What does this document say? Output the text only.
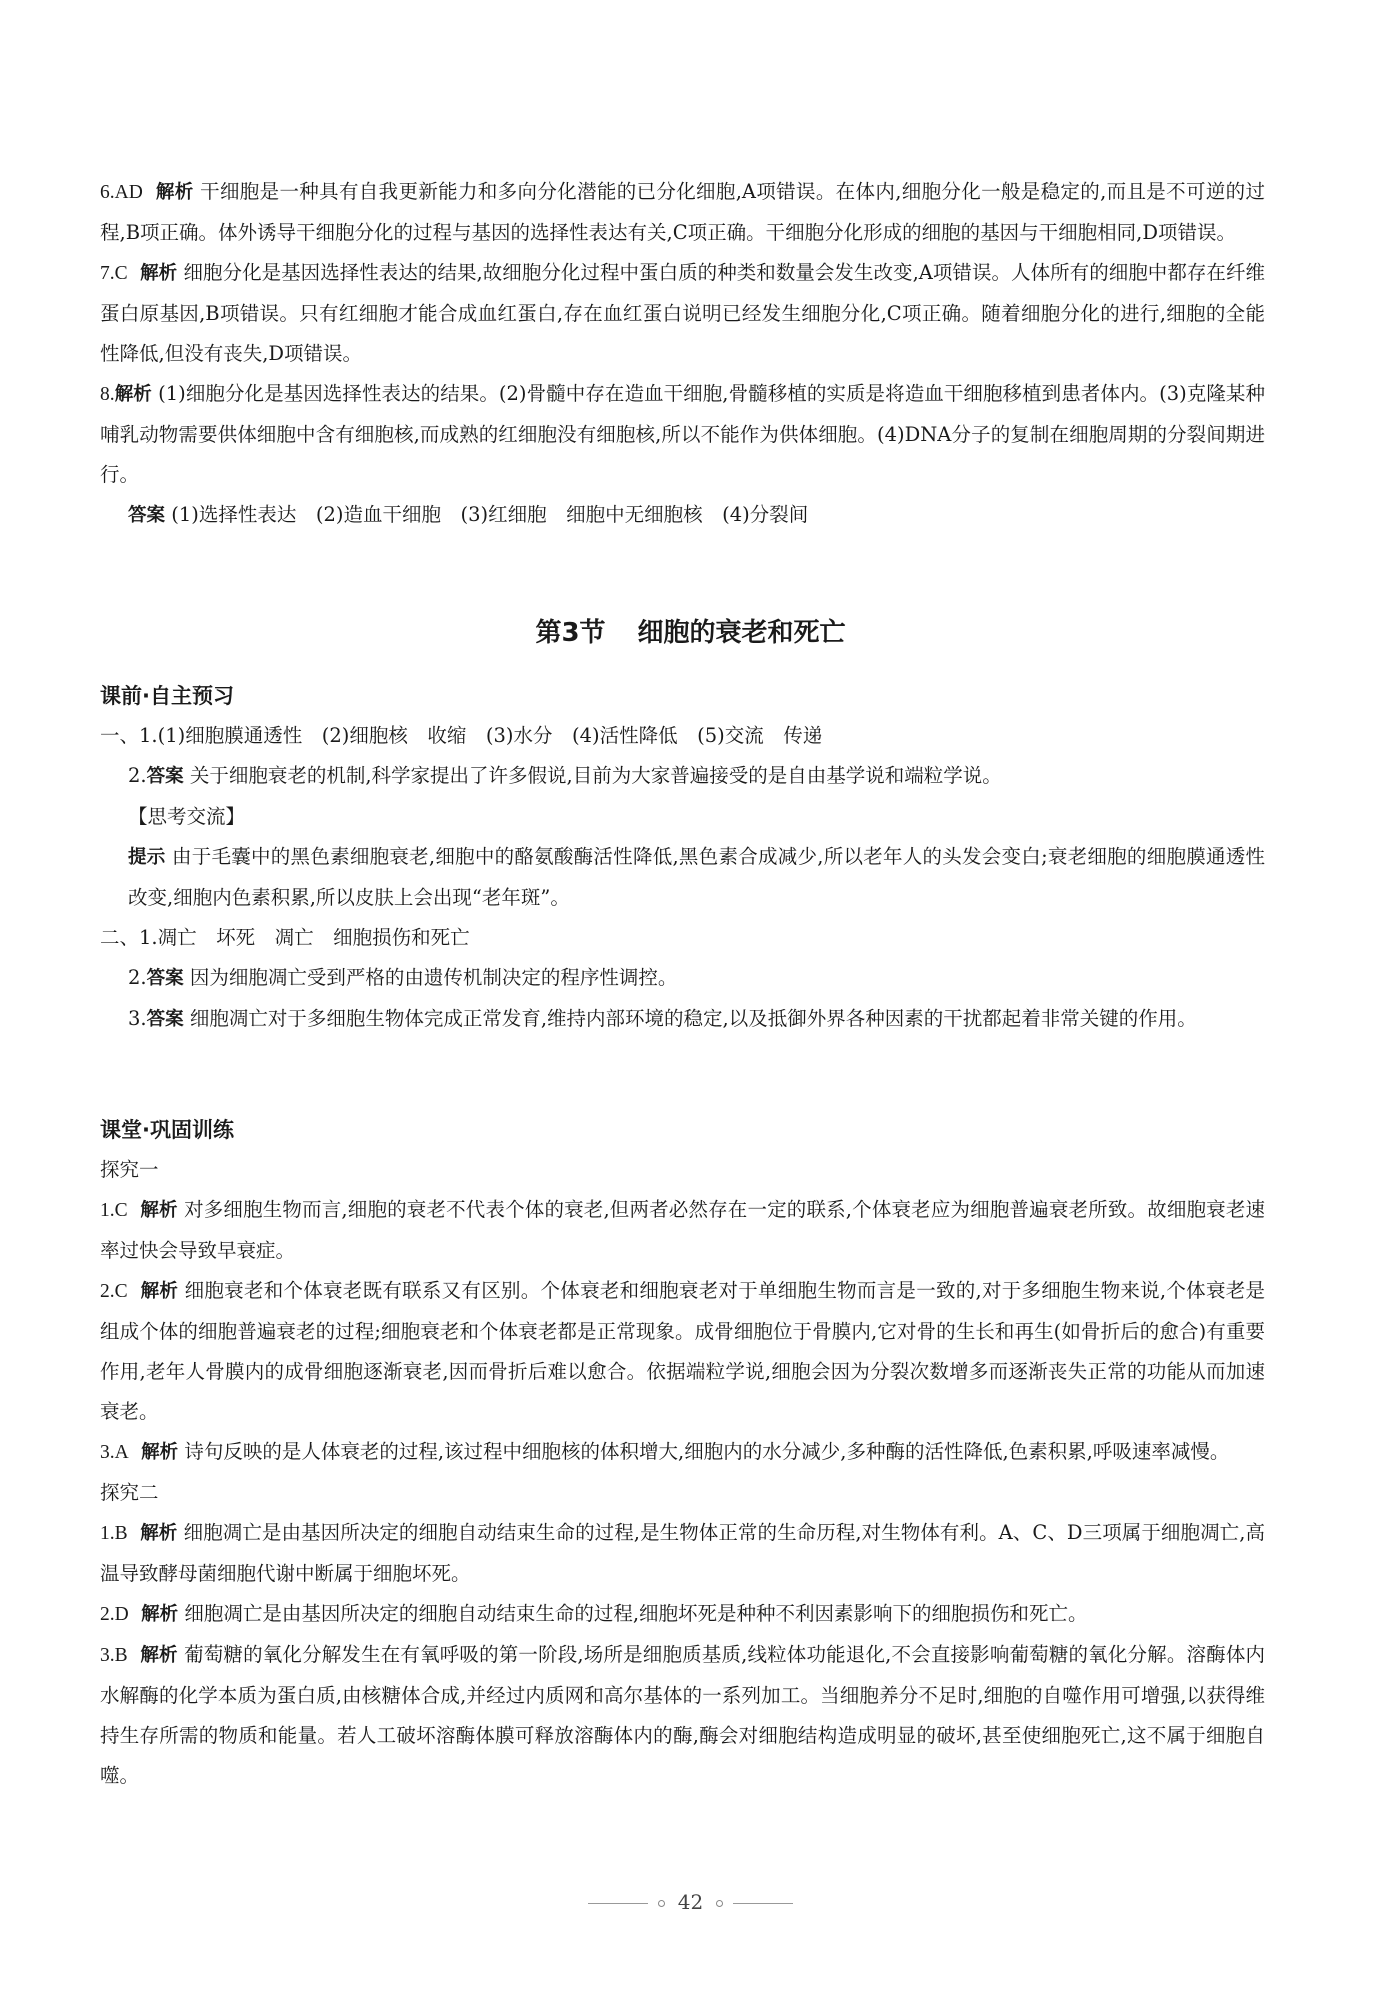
6.AD 解析 干细胞是一种具有自我更新能力和多向分化潜能的已分化细胞,A项错误。在体内,细胞分化一般是稳定的,而且是不可逆的过程,B项正确。体外诱导干细胞分化的过程与基因的选择性表达有关,C项正确。干细胞分化形成的细胞的基因与干细胞相同,D项错误。

7.C 解析 细胞分化是基因选择性表达的结果,故细胞分化过程中蛋白质的种类和数量会发生改变,A项错误。人体所有的细胞中都存在纤维蛋白原基因,B项错误。只有红细胞才能合成血红蛋白,存在血红蛋白说明已经发生细胞分化,C项正确。随着细胞分化的进行,细胞的全能性降低,但没有丧失,D项错误。

8.解析 (1)细胞分化是基因选择性表达的结果。(2)骨髓中存在造血干细胞,骨髓移植的实质是将造血干细胞移植到患者体内。(3)克隆某种哺乳动物需要供体细胞中含有细胞核,而成熟的红细胞没有细胞核,所以不能作为供体细胞。(4)DNA分子的复制在细胞周期的分裂间期进行。

答案 (1)选择性表达　(2)造血干细胞　(3)红细胞　细胞中无细胞核　(4)分裂间

第3节 细胞的衰老和死亡

课前·自主预习

一、1.(1)细胞膜通透性　(2)细胞核　收缩　(3)水分　(4)活性降低　(5)交流　传递

2.答案 关于细胞衰老的机制,科学家提出了许多假说,目前为大家普遍接受的是自由基学说和端粒学说。

【思考交流】

提示 由于毛囊中的黑色素细胞衰老,细胞中的酪氨酸酶活性降低,黑色素合成减少,所以老年人的头发会变白;衰老细胞的细胞膜通透性改变,细胞内色素积累,所以皮肤上会出现“老年斑”。

二、1.凋亡　坏死　凋亡　细胞损伤和死亡

2.答案 因为细胞凋亡受到严格的由遗传机制决定的程序性调控。

3.答案 细胞凋亡对于多细胞生物体完成正常发育,维持内部环境的稳定,以及抵御外界各种因素的干扰都起着非常关键的作用。

课堂·巩固训练

探究一

1.C 解析 对多细胞生物而言,细胞的衰老不代表个体的衰老,但两者必然存在一定的联系,个体衰老应为细胞普遍衰老所致。故细胞衰老速率过快会导致早衰症。

2.C 解析 细胞衰老和个体衰老既有联系又有区别。个体衰老和细胞衰老对于单细胞生物而言是一致的,对于多细胞生物来说,个体衰老是组成个体的细胞普遍衰老的过程;细胞衰老和个体衰老都是正常现象。成骨细胞位于骨膜内,它对骨的生长和再生(如骨折后的愈合)有重要作用,老年人骨膜内的成骨细胞逐渐衰老,因而骨折后难以愈合。依据端粒学说,细胞会因为分裂次数增多而逐渐丧失正常的功能从而加速衰老。

3.A 解析 诗句反映的是人体衰老的过程,该过程中细胞核的体积增大,细胞内的水分减少,多种酶的活性降低,色素积累,呼吸速率减慢。

探究二

1.B 解析 细胞凋亡是由基因所决定的细胞自动结束生命的过程,是生物体正常的生命历程,对生物体有利。A、C、D三项属于细胞凋亡,高温导致酵母菌细胞代谢中断属于细胞坏死。

2.D 解析 细胞凋亡是由基因所决定的细胞自动结束生命的过程,细胞坏死是种种不利因素影响下的细胞损伤和死亡。

3.B 解析 葡萄糖的氧化分解发生在有氧呼吸的第一阶段,场所是细胞质基质,线粒体功能退化,不会直接影响葡萄糖的氧化分解。溶酶体内水解酶的化学本质为蛋白质,由核糖体合成,并经过内质网和高尔基体的一系列加工。当细胞养分不足时,细胞的自噬作用可增强,以获得维持生存所需的物质和能量。若人工破坏溶酶体膜可释放溶酶体内的酶,酶会对细胞结构造成明显的破坏,甚至使细胞死亡,这不属于细胞自噬。

42
